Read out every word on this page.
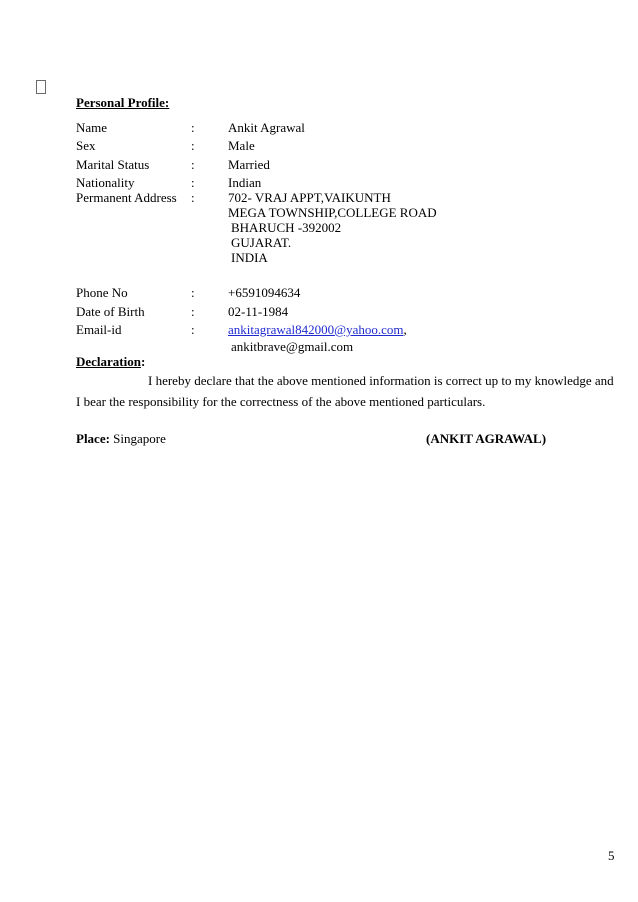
Personal Profile:
Name	:	Ankit Agrawal
Sex	:	Male
Marital Status	:	Married
Nationality	:	Indian
Permanent Address :	702- VRAJ APPT,VAIKUNTH
MEGA TOWNSHIP,COLLEGE ROAD
BHARUCH -392002
GUJARAT.
INDIA
Phone No	:	+6591094634
Date of Birth	:	02-11-1984
Email-id	:	ankitagrawal842000@yahoo.com,
ankitbrave@gmail.com
Declaration:
I hereby declare that the above mentioned information is correct up to my knowledge and
I bear the responsibility for the correctness of the above mentioned particulars.
Place: Singapore	(ANKIT AGRAWAL)
5
